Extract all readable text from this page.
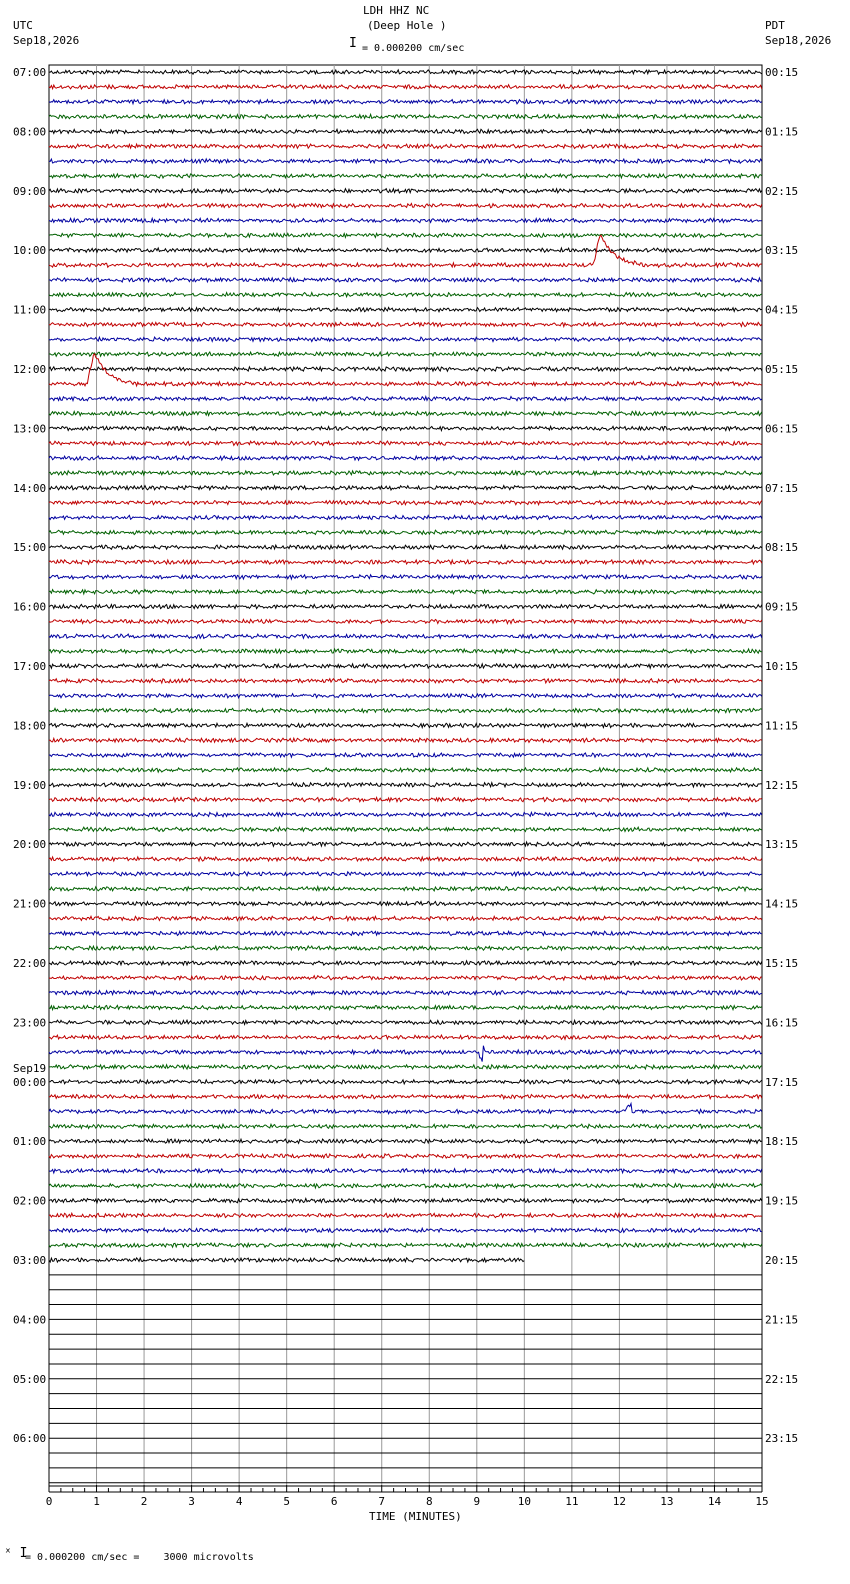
LDH HHZ NC
(Deep Hole )
UTC
Sep18,2026
PDT
Sep18,2026
I = 0.000200 cm/sec
0	1	2	3	4	5	6	7	8	9	10	11	12	13	14	15
07:00
08:00
09:00
10:00
11:00
12:00
13:00
14:00
15:00
16:00
17:00
18:00
19:00
20:00
21:00
22:00
23:00
00:00
01:00
02:00
03:00
04:00
05:00
06:00
00:15
01:15
02:15
03:15
04:15
05:15
06:15
07:15
08:15
09:15
10:15
11:15
12:15
13:15
14:15
15:15
16:15
17:15
18:15
19:15
20:15
21:15
22:15
23:15
Sep19
TIME (MINUTES)
ˣ I
= 0.000200 cm/sec =    3000 microvolts
